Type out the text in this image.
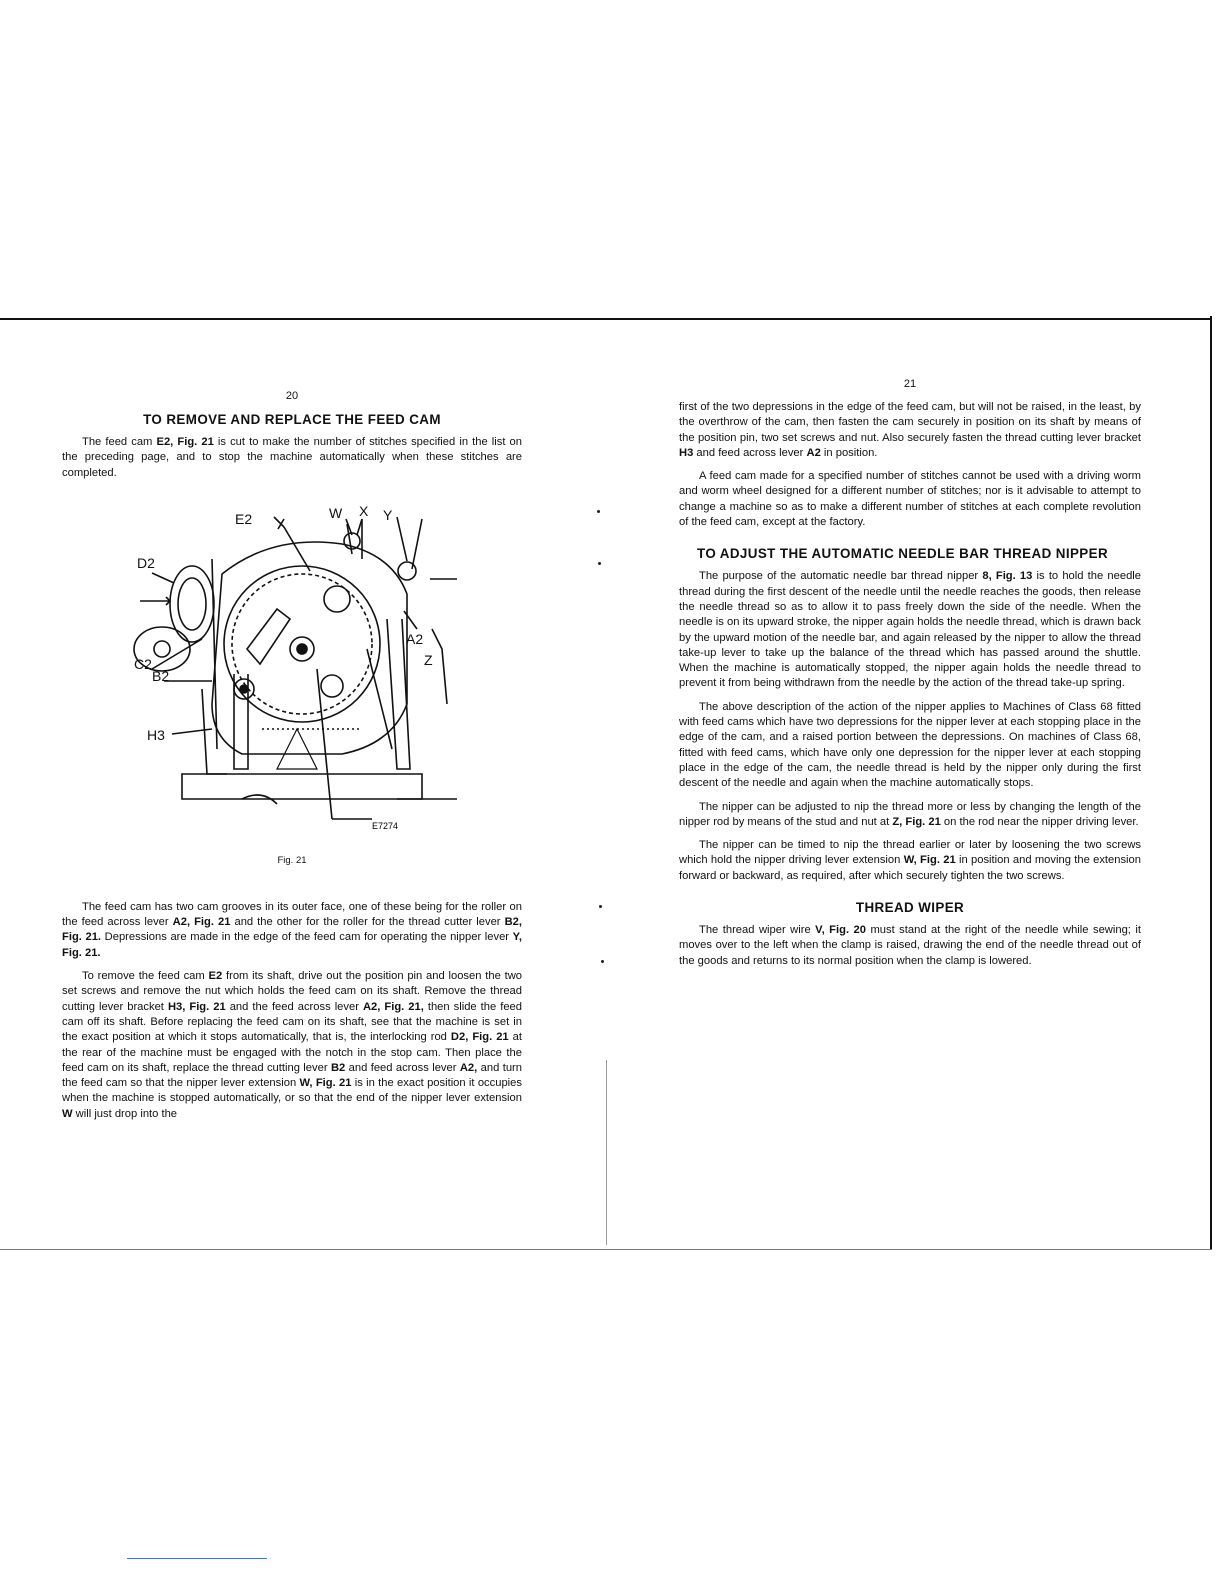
20
TO REMOVE AND REPLACE THE FEED CAM

The feed cam E2, Fig. 21 is cut to make the number of stitches specified in the list on the preceding page, and to stop the machine automatically when these stitches are completed.

E7274
E2	W X Y
D2
A2
Z
C2
B2
H3
Fig. 21

The feed cam has two cam grooves in its outer face, one of these being for the roller on the feed across lever A2, Fig. 21 and the other for the roller for the thread cutter lever B2, Fig. 21. Depressions are made in the edge of the feed cam for operating the nipper lever Y, Fig. 21.

To remove the feed cam E2 from its shaft, drive out the position pin and loosen the two set screws and remove the nut which holds the feed cam on its shaft. Remove the thread cutting lever bracket H3, Fig. 21 and the feed across lever A2, Fig. 21, then slide the feed cam off its shaft. Before replacing the feed cam on its shaft, see that the machine is set in the exact position at which it stops automatically, that is, the interlocking rod D2, Fig. 21 at the rear of the machine must be engaged with the notch in the stop cam. Then place the feed cam on its shaft, replace the thread cutting lever B2 and feed across lever A2, and turn the feed cam so that the nipper lever extension W, Fig. 21 is in the exact position it occupies when the machine is stopped automatically, or so that the end of the nipper lever extension W will just drop into the

21

first of the two depressions in the edge of the feed cam, but will not be raised, in the least, by the overthrow of the cam, then fasten the cam securely in position on its shaft by means of the position pin, two set screws and nut. Also securely fasten the thread cutting lever bracket H3 and feed across lever A2 in position.

A feed cam made for a specified number of stitches cannot be used with a driving worm and worm wheel designed for a different number of stitches; nor is it advisable to attempt to change a machine so as to make a different number of stitches at each complete revolution of the feed cam, except at the factory.

TO ADJUST THE AUTOMATIC NEEDLE BAR THREAD NIPPER

The purpose of the automatic needle bar thread nipper 8, Fig. 13 is to hold the needle thread during the first descent of the needle until the needle reaches the goods, then release the needle thread so as to allow it to pass freely down the side of the needle. When the needle is on its upward stroke, the nipper again holds the needle thread, which is drawn back by the upward motion of the needle bar, and again released by the nipper to allow the thread take-up lever to take up the balance of the thread which has passed around the shuttle. When the machine is automatically stopped, the nipper again holds the needle thread to prevent it from being withdrawn from the needle by the action of the thread take-up spring.

The above description of the action of the nipper applies to Machines of Class 68 fitted with feed cams which have two depressions for the nipper lever at each stopping place in the edge of the cam, and a raised portion between the depressions. On machines of Class 68, fitted with feed cams, which have only one depression for the nipper lever at each stopping place in the edge of the cam, the needle thread is held by the nipper only during the first descent of the needle and again when the machine automatically stops.

The nipper can be adjusted to nip the thread more or less by changing the length of the nipper rod by means of the stud and nut at Z, Fig. 21 on the rod near the nipper driving lever.

The nipper can be timed to nip the thread earlier or later by loosening the two screws which hold the nipper driving lever extension W, Fig. 21 in position and moving the extension forward or backward, as required, after which securely tighten the two screws.

THREAD WIPER

The thread wiper wire V, Fig. 20 must stand at the right of the needle while sewing; it moves over to the left when the clamp is raised, drawing the end of the needle thread out of the goods and returns to its normal position when the clamp is lowered.
